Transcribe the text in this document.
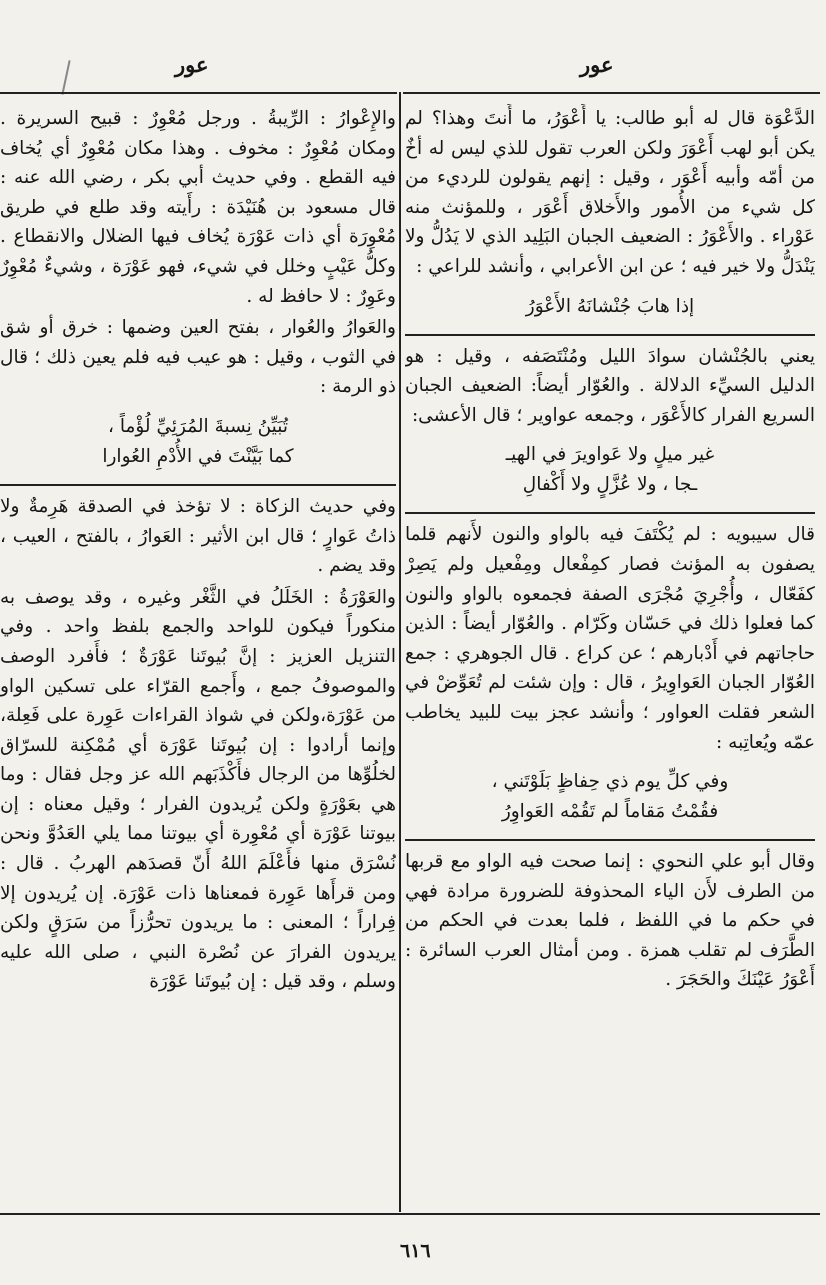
عور
عور

الدَّعْوَة قال له أبو طالب: يا أَعْوَرُ، ما أَنتَ وهذا؟ لم يكن أبو لهب أَعْوَرَ ولكن العرب تقول للذي ليس له أخٌ من أمّه وأبيه أَعْوَر ، وقيل : إنهم يقولون للرديء من كل شيء من الأُمور والأَخلاق أَعْوَر ، وللمؤنث منه عَوْراء . والأَعْوَرُ : الضعيف الجبان البَلِيد الذي لا يَدُلُّ ولا يَنْدَلُّ ولا خير فيه ؛ عن ابن الأعرابي ، وأنشد للراعي :

إذا هابَ جُنْشانَهُ الأَعْوَرُ

يعني بالجُنْشان سوادَ الليل ومُنْتَصَفه ، وقيل : هو الدليل السيِّء الدلالة . والعُوّار أيضاً: الضعيف الجبان السريع الفرار كالأَعْوَر ، وجمعه عواوير ؛ قال الأعشى:

غير ميلٍ ولا عَواويرَ في الهيـ
ـجا ، ولا عُزَّلٍ ولا أَكْفالِ

قال سيبويه : لم يُكْتَفَ فيه بالواو والنون لأَنهم قلما يصفون به المؤنث فصار كمِفْعال ومِفْعيل ولم يَصِرْ كفَعّال ، وأُجْرِيَ مُجْرَى الصفة فجمعوه بالواو والنون كما فعلوا ذلك في حَسّان وكَرّام . والعُوّار أيضاً : الذين حاجاتهم في أَدْبارهم ؛ عن كراع . قال الجوهري : جمع العُوّار الجبان العَواوِيرُ ، قال : وإن شئت لم تُعَوِّضْ في الشعر فقلت العواور ؛ وأنشد عجز بيت للبيد يخاطب عمّه ويُعاتِبه :

وفي كلِّ يوم ذي حِفاظٍ بَلَوْتَني ،
فقُمْتُ مَقاماً لم تَقُمْه العَواوِرُ

وقال أبو علي النحوي : إنما صحت فيه الواو مع قربها من الطرف لأَن الياء المحذوفة للضرورة مرادة فهي في حكم ما في اللفظ ، فلما بعدت في الحكم من الطَّرَف لم تقلب همزة . ومن أمثال العرب السائرة : أَعْوَرُ عَيْنَكَ والحَجَرَ .

والإِعْوارُ : الرِّيبةُ . ورجل مُعْوِرٌ : قبيح السريرة . ومكان مُعْوِرٌ : مخوف . وهذا مكان مُعْوِرٌ أي يُخاف فيه القطع . وفي حديث أبي بكر ، رضي الله عنه : قال مسعود بن هُنَيْدَة : رأَيته وقد طلع في طريق مُعْوِرَة أي ذات عَوْرَة يُخاف فيها الضلال والانقطاع . وكلُّ عَيْبٍ وخلل في شيء، فهو عَوْرَة ، وشيءٌ مُعْوِرٌ وعَوِرٌ : لا حافظ له .

والعَوارُ والعُوار ، بفتح العين وضمها : خرق أو شق في الثوب ، وقيل : هو عيب فيه فلم يعين ذلك ؛ قال ذو الرمة :

تُبَيِّنُ نِسبةَ المُرَئِيِّ لُؤْماً ،
كما بَيَّنْتَ في الأُدْمِ العُوارا

وفي حديث الزكاة : لا تؤخذ في الصدقة هَرِمةٌ ولا ذاتُ عَوارٍ ؛ قال ابن الأثير : العَوارُ ، بالفتح ، العيب ، وقد يضم .

والعَوْرَةُ : الخَلَلُ في الثَّغْر وغيره ، وقد يوصف به منكوراً فيكون للواحد والجمع بلفظ واحد . وفي التنزيل العزيز : إنَّ بُيوتَنا عَوْرَةٌ ؛ فأَفرد الوصف والموصوفُ جمع ، وأَجمع القرّاء على تسكين الواو من عَوْرَة،ولكن في شواذ القراءات عَوِرة على فَعِلة، وإنما أرادوا : إن بُيوتَنا عَوْرَة أي مُمْكِنة للسرّاق لخلُوِّها من الرجال فأَكْذَبَهم الله عز وجل فقال : وما هي بعَوْرَةٍ ولكن يُريدون الفرار ؛ وقيل معناه : إن بيوتنا عَوْرَة أي مُعْوِرة أي بيوتنا مما يلي العَدُوَّ ونحن نُسْرَق منها فأَعْلَمَ اللهُ أَنّ قصدَهم الهربُ . قال : ومن قرأَها عَوِرة فمعناها ذات عَوْرَة. إن يُريدون إلا فِراراً ؛ المعنى : ما يريدون تحرُّزاً من سَرَقٍ ولكن يريدون الفرارَ عن نُصْرة النبي ، صلى الله عليه وسلم ، وقد قيل : إن بُيوتَنا عَوْرَة

٦١٦
